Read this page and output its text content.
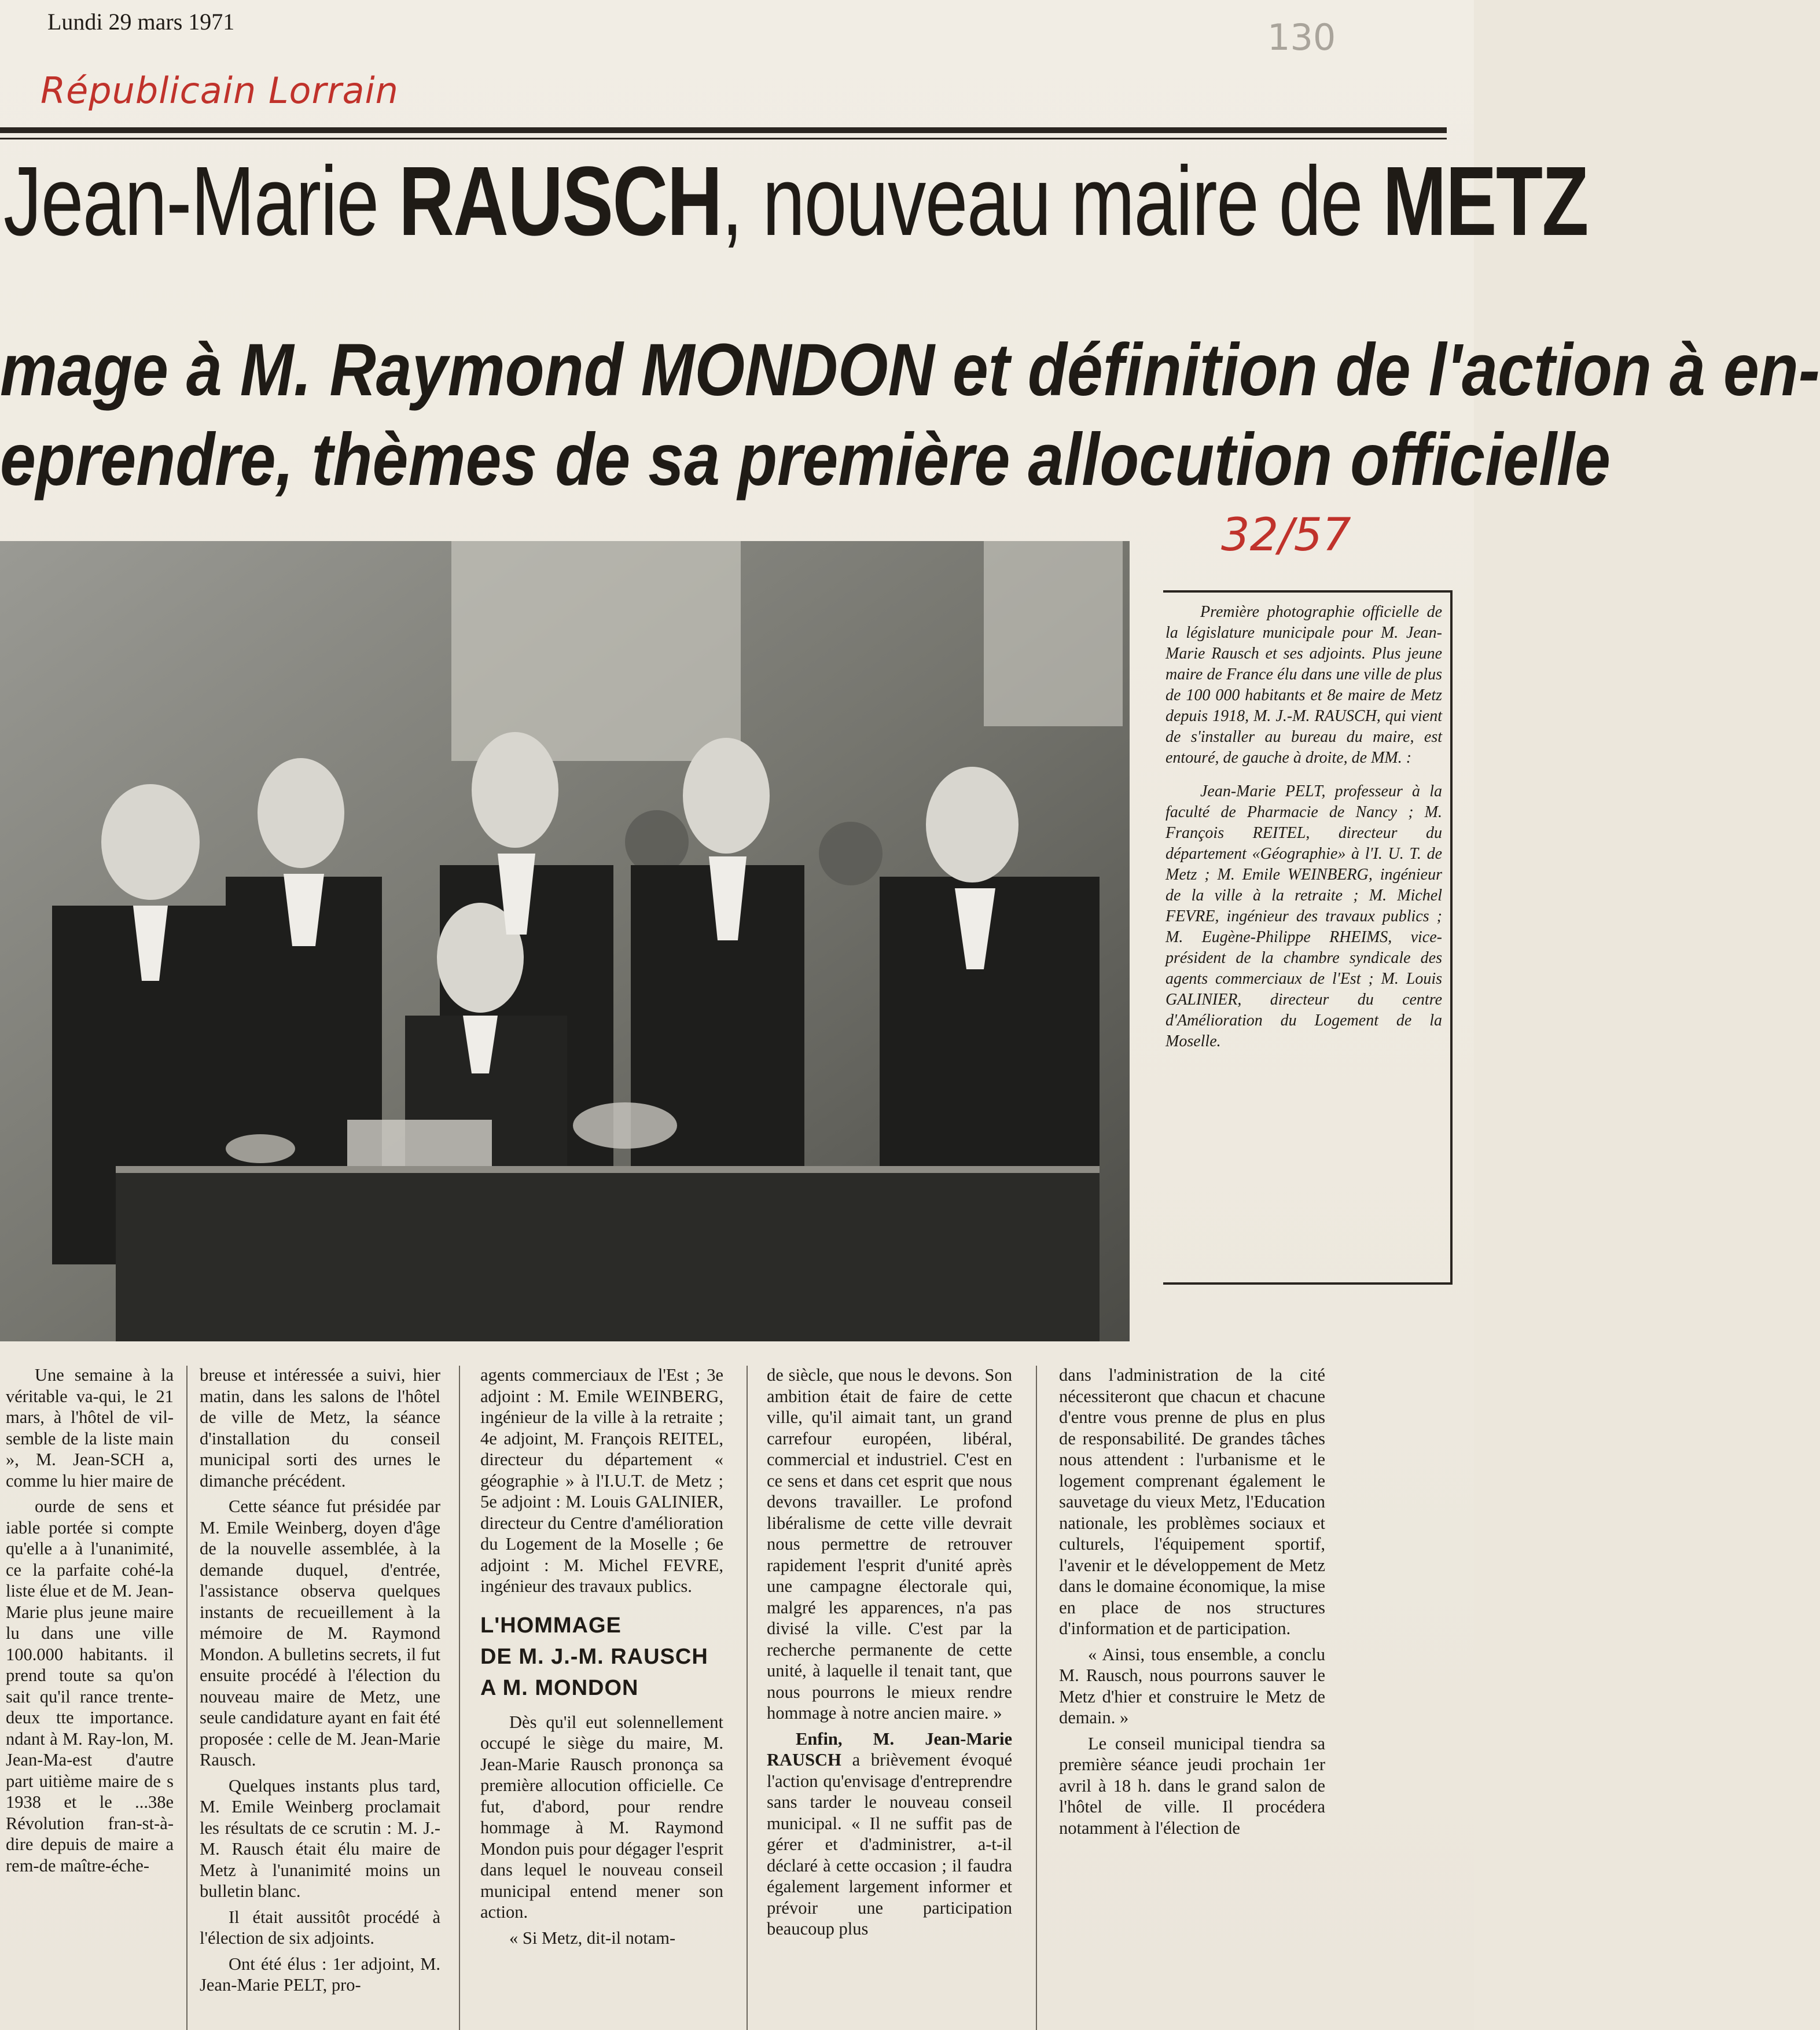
Lundi 29 mars 1971
Républicain Lorrain
130
Jean-Marie RAUSCH, nouveau maire de METZ
mage à M. Raymond MONDON et définition de l'action à en-
eprendre, thèmes de sa première allocution officielle
32/57

Première photographie officielle de la législature municipale pour M. Jean-Marie Rausch et ses adjoints. Plus jeune maire de France élu dans une ville de plus de 100 000 habitants et 8e maire de Metz depuis 1918, M. J.-M. RAUSCH, qui vient de s'installer au bureau du maire, est entouré, de gauche à droite, de MM. :

Jean-Marie PELT, professeur à la faculté de Pharmacie de Nancy ; M. François REITEL, directeur du département «Géographie» à l'I. U. T. de Metz ; M. Emile WEINBERG, ingénieur de la ville à la retraite ; M. Michel FEVRE, ingénieur des travaux publics ; M. Eugène-Philippe RHEIMS, vice-président de la chambre syndicale des agents commerciaux de l'Est ; M. Louis GALINIER, directeur du centre d'Amélioration du Logement de la Moselle.

Une semaine à la véritable va-qui, le 21 mars, à l'hôtel de vil-semble de la liste main », M. Jean-SCH a, comme lu hier maire de

ourde de sens et iable portée si compte qu'elle a à l'unanimité, ce la parfaite cohé-la liste élue et de M. Jean-Marie plus jeune maire lu dans une ville 100.000 habitants. il prend toute sa qu'on sait qu'il rance trente-deux tte importance. ndant à M. Ray-lon, M. Jean-Ma-est d'autre part uitième maire de s 1938 et le ...38e Révolution fran-st-à-dire depuis de maire a rem-de maître-éche-

breuse et intéressée a suivi, hier matin, dans les salons de l'hôtel de ville de Metz, la séance d'installation du conseil municipal sorti des urnes le dimanche précédent.

Cette séance fut présidée par M. Emile Weinberg, doyen d'âge de la nouvelle assemblée, à la demande duquel, d'entrée, l'assistance observa quelques instants de recueillement à la mémoire de M. Raymond Mondon. A bulletins secrets, il fut ensuite procédé à l'élection du nouveau maire de Metz, une seule candidature ayant en fait été proposée : celle de M. Jean-Marie Rausch.

Quelques instants plus tard, M. Emile Weinberg proclamait les résultats de ce scrutin : M. J.-M. Rausch était élu maire de Metz à l'unanimité moins un bulletin blanc.

Il était aussitôt procédé à l'élection de six adjoints.

Ont été élus : 1er adjoint, M. Jean-Marie PELT, pro-

agents commerciaux de l'Est ; 3e adjoint : M. Emile WEINBERG, ingénieur de la ville à la retraite ; 4e adjoint, M. François REITEL, directeur du département « géographie » à l'I.U.T. de Metz ; 5e adjoint : M. Louis GALINIER, directeur du Centre d'amélioration du Logement de la Moselle ; 6e adjoint : M. Michel FEVRE, ingénieur des travaux publics.

L'HOMMAGE
DE M. J.-M. RAUSCH
A M. MONDON

Dès qu'il eut solennellement occupé le siège du maire, M. Jean-Marie Rausch prononça sa première allocution officielle. Ce fut, d'abord, pour rendre hommage à M. Raymond Mondon puis pour dégager l'esprit dans lequel le nouveau conseil municipal entend mener son action.

« Si Metz, dit-il notam-

de siècle, que nous le devons. Son ambition était de faire de cette ville, qu'il aimait tant, un grand carrefour européen, libéral, commercial et industriel. C'est en ce sens et dans cet esprit que nous devons travailler. Le profond libéralisme de cette ville devrait nous permettre de retrouver rapidement l'esprit d'unité après une campagne électorale qui, malgré les apparences, n'a pas divisé la ville. C'est par la recherche permanente de cette unité, à laquelle il tenait tant, que nous pourrons le mieux rendre hommage à notre ancien maire. »

Enfin, M. Jean-Marie RAUSCH a brièvement évoqué l'action qu'envisage d'entreprendre sans tarder le nouveau conseil municipal. « Il ne suffit pas de gérer et d'administrer, a-t-il déclaré à cette occasion ; il faudra également largement informer et prévoir une participation beaucoup plus

dans l'administration de la cité nécessiteront que chacun et chacune d'entre vous prenne de plus en plus de responsabilité. De grandes tâches nous attendent : l'urbanisme et le logement comprenant également le sauvetage du vieux Metz, l'Education nationale, les problèmes sociaux et culturels, l'équipement sportif, l'avenir et le développement de Metz dans le domaine économique, la mise en place de nos structures d'information et de participation.

« Ainsi, tous ensemble, a conclu M. Rausch, nous pourrons sauver le Metz d'hier et construire le Metz de demain. »

Le conseil municipal tiendra sa première séance jeudi prochain 1er avril à 18 h. dans le grand salon de l'hôtel de ville. Il procédera notamment à l'élection de
